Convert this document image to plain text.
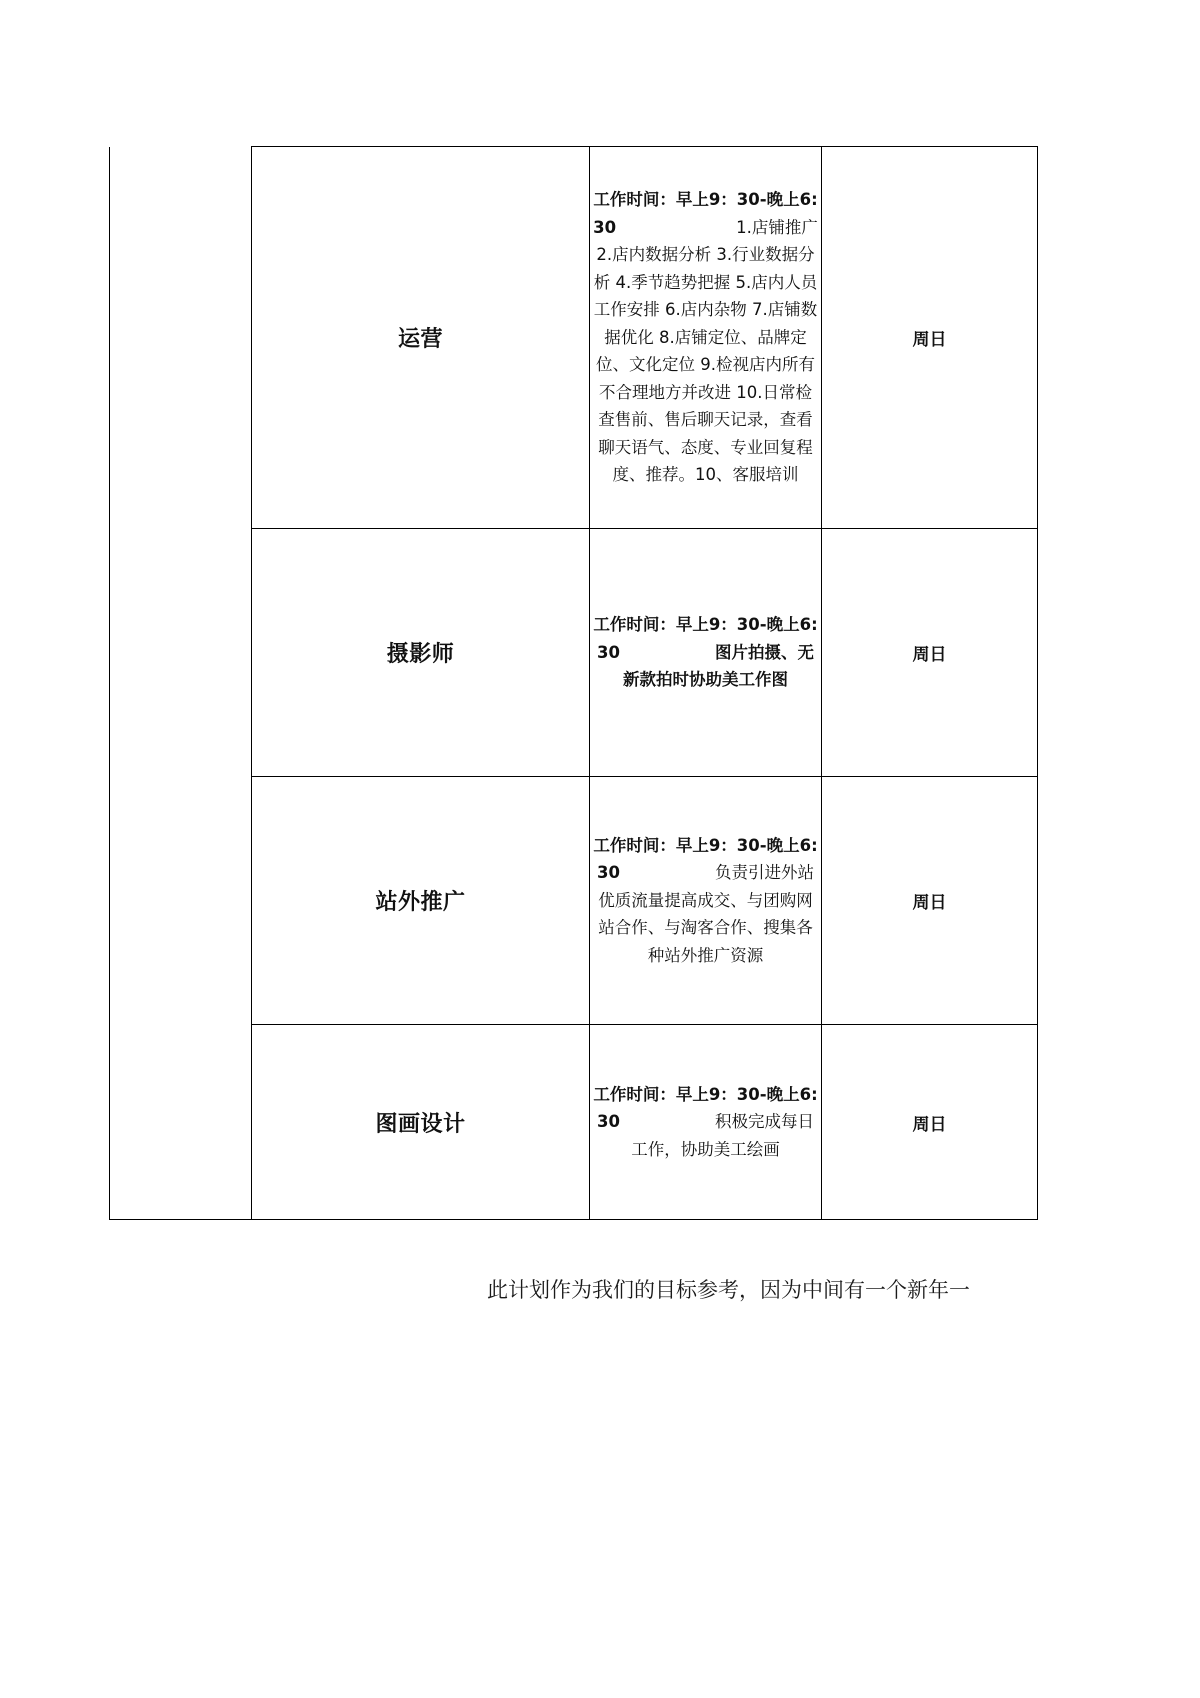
	运营	工作时间：早上9：30-晚上6:30 1.店铺推广 2.店内数据分析 3.行业数据分析 4.季节趋势把握 5.店内人员工作安排 6.店内杂物 7.店铺数据优化 8.店铺定位、品牌定位、文化定位 9.检视店内所有不合理地方并改进 10.日常检查售前、售后聊天记录，查看聊天语气、态度、专业回复程度、推荐。10、客服培训	周日
	摄影师	工作时间：早上9：30-晚上6:30 图片拍摄、无新款拍时协助美工作图	周日
	站外推广	工作时间：早上9：30-晚上6:30 负责引进外站优质流量提高成交、与团购网站合作、与淘客合作、搜集各种站外推广资源	周日
	图画设计	工作时间：早上9：30-晚上6:30 积极完成每日工作，协助美工绘画	周日
此计划作为我们的目标参考，因为中间有一个新年一
